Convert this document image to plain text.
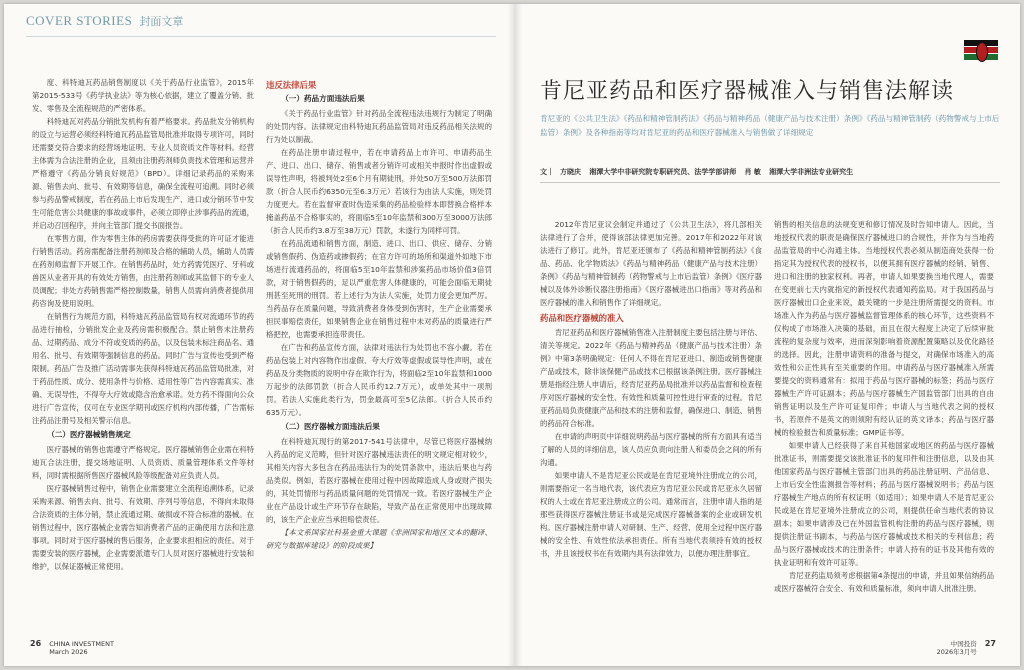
COVER STORIES 封面文章

度、科特迪瓦药品销售制度以《关于药品行业监管》，2015年第2015-533号《药学执业法》等为核心依据，建立了覆盖分销、批发、零售及全流程规范的严密体系。

科特迪瓦对药品分销批发机构有着严格要求。药品批发分销机构的设立与运营必须经科特迪瓦药品监管局批准并取得专项许可，同时还需要交符合要求的经营场地证明、专业人员资质文件等材料。经营主体需为合法注册的企业，且须由注册药剂师负责技术管理和运营并严格遵守《药品分销良好规范》（BPD）。详细记录药品的采购来源、销售去向、批号、有效期等信息，确保全流程可追溯。同时必须参与药品警戒制度，若在药品上市后发现生产、进口或分销环节中发生可能危害公共健康的事故或事件，必须立即停止涉事药品的流通，并启动召回程序，并向主管部门提交书面报告。

在零售方面，作为零售主体的药房需要获得受批的许可证才能进行销售活动。药房需配备注册药剂师及合格的辅助人员，辅助人员需在药剂师监督下开展工作。在销售药品时，处方药需凭医疗、牙科或兽医从业者开具的有效处方销售，由注册药剂师或其监督下的专业人员调配；非处方药销售需严格控制数量，销售人员需向消费者提供用药咨询及使用说明。

在销售行为规范方面，科特迪瓦药品监管局有权对流通环节的药品进行抽检，分销批发企业及药房需积极配合。禁止销售未注册药品、过期药品、成分不符或变质的药品，以及包装未标注商品名、通用名、批号、有效期等强制信息的药品。同时广告与宣传也受到严格限制。药品广告及推广活动需事先获得科特迪瓦药品监管局批准，对于药品性质、成分、使用条件与价格、适用性等广告内容需真实、准确、无误导性，不得夸大疗效或隐含治愈承诺。处方药不得面向公众进行广告宣传，仅可在专业医学期刊或医疗机构内部传播，广告需标注药品注册号及相关警示信息。

（二）医疗器械销售规定

医疗器械的销售也需遵守严格规定。医疗器械销售企业需在科特迪瓦合法注册，提交场地证明、人员资质、质量管理体系文件等材料，同时需根据所售医疗器械风险等级配备对应负责人员。

医疗器械销售过程中，销售企业需要建立全流程追溯体系，记录采购来源、销售去向、批号、有效期、序列号等信息，不得向未取得合法资质的主体分销，禁止流通过期、破损或不符合标准的器械。在销售过程中，医疗器械企业需告知消费者产品的正确使用方法和注意事项。同时对于医疗器械的售后服务，企业要求担相应的责任。对于需要安装的医疗器械，企业需要派遣专门人员对医疗器械进行安装和维护，以保证器械正常使用。

违反法律后果
（一）药品方面违法后果

《关于药品行业监管》针对药品全流程违法违规行为制定了明确的处罚内容。法律规定由科特迪瓦药品监管局对违反药品相关法规的行为处以制裁。

在药品注册申请过程中，若在申请药品上市许可、申请药品生产、进口、出口、储存、销售或者分销许可或相关申报时作出虚假或误导性声明，将被判处2至6个月有期徒刑，并处50万至500万法郎罚款（折合人民币约6350元至6.3万元）若该行为由法人实施，则处罚力度更大。若在监督审查时伪造采集的药品检验样本即替换合格样本掩盖药品不合格事实的，将面临5至10年监禁和300万至3000万法郎（折合人民币约3.8万至38万元）罚款，未遂行为同样可罚。

在药品流通和销售方面，制造、进口、出口、供应、储存、分销或销售假药、伪造药或掺假药；在官方许可的场所和渠道外如地下市场进行流通药品的，将面临5至10年监禁和涉案药品市场价值3倍罚款，对于销售假药的，足以严重危害人体健康的，可能会面临无期徒刑甚至死刑的刑罚。若上述行为为法人实施，处罚力度会更加严厉。当药品存在质量问题，导致消费者身体受到伤害时，生产企业需要承担民事赔偿责任，如果销售企业在销售过程中未对药品的质量进行严格把控，也需要承担连带责任。

在广告和药品宣传方面，法律对违法行为处罚也不容小觑。若在药品包装上对内容物作出虚假、夸大疗效等虚假或误导性声明，或在药品及分类物质的说明中存在欺诈行为，将面临2至10年监禁和1000万起步的法郎罚款（折合人民币约12.7万元），或单处其中一项刑罚。若法人实施此类行为，罚金最高可至5亿法郎。（折合人民币约635万元）。

（二）医疗器械方面违法后果

在科特迪瓦现行的第2017-541号法律中，尽管已将医疗器械纳入药品的定义范畴，但针对医疗器械违法责任的明文规定相对较少，其相关内容大多包含在药品违法行为的处罚条款中，违法后果也与药品类似。例如，若医疗器械在使用过程中因故障造成人身或财产损失的，其处罚情形与药品质量问题的处罚情况一致。若医疗器械生产企业在产品设计或生产环节存在缺陷，导致产品在正常使用中出现故障的，该生产企业应当承担赔偿责任。

【本文系国家社科基金重大课题《非洲国家和地区文本的翻译、研究与数据库建设》的阶段成果】

肯尼亚药品和医疗器械准入与销售法解读
肯尼亚的《公共卫生法》《药品和精神管制药法》《药品与精神药品（健康产品与技术注册）条例》《药品与精神管制药（药物警戒与上市后监管）条例》及各种指南等均对肯尼亚的药品和医疗器械准入与销售做了详细规定
文｜ 方晓庆 湘潭大学中非研究院专职研究员、法学学部讲师 肖 敏 湘潭大学非洲法专业研究生

2012年肯尼亚议会制定并通过了《公共卫生法》，将几部相关法律进行了合并，使得该部法律更加完善。2017年和2022年对该法进行了修订。此外，肯尼亚还颁布了《药品和精神管制药法》《食品、药品、化学物质法》《药品与精神药品（健康产品与技术注册）条例》《药品与精神管制药（药物警戒与上市后监管）条例》《医疗器械以及体外诊断仪器注册指南》《医疗器械进出口指南》等对药品和医疗器械的准入和销售作了详细规定。

药品和医疗器械的准入

肯尼亚药品和医疗器械销售准入注册制度主要包括注册与评估、清关等规定。2022年《药品与精神药品（健康产品与技术注册）条例》中第3条明确规定：任何人不得在肯尼亚进口、制造或销售健康产品或技术，除非该保健产品或技术已根据该条例注册。医疗器械注册是指经注册人申请后，经肯尼亚药品局批准并以药品监督和检查程序对医疗器械的安全性、有效性和质量可控性进行审查的过程。肯尼亚药品局负责健康产品和技术的注册和监督，确保进口、制造、销售的药品符合标准。

在申请的声明页中详细说明药品与医疗器械的所有方面具有适当了解的人员的详细信息，该人员应负责向注册人和委员会之间的所有沟通。

如果申请人不是肯尼亚公民或是在肯尼亚境外注册成立的公司，则需要指定一名当地代表，该代表应为肯尼亚公民或肯尼亚永久居留权的人士或在肯尼亚注册成立的公司。通常而言，注册申请人指的是那些获得医疗器械注册证书或是完成医疗器械备案的企业或研发机构。医疗器械注册申请人对研制、生产、经营、使用全过程中医疗器械的安全性、有效性依法承担责任。所有当地代表须持有效的授权书，并且该授权书在有效期内具有法律效力，以便办理注册事宜。

销售的相关信息的法规变更和修订情况及时告知申请人。因此，当地授权代表的职责是确保医疗器械进口的合规性，并作为与当地药品监管局的中心沟通主体。当地授权代表必须从制造商处获得一份指定其为授权代表的授权书，以便其拥有医疗器械的经销、销售、进口和注册的独家权利。再者，申请人如果要换当地代理人，需要在变更前七天内就指定的新授权代表通知药监局。对于我国药品与医疗器械出口企业来说，最关键的一步是注册所需提交的资料。市场准入作为药品与医疗器械监督管理体系的核心环节，这些资料不仅构成了市场准入决策的基础，而且在很大程度上决定了后续审批流程的复杂度与效率，进而深刻影响着资源配置策略以及优化路径的选择。因此，注册申请资料的准备与提交，对确保市场准入的高效性和公正性具有至关重要的作用。申请药品与医疗器械准入所需要提交的资料通常有：拟用于药品与医疗器械的标签；药品与医疗器械生产许可证副本；药品与医疗器械生产国监管部门出具的自由销售证明以及生产许可证复印件；申请人与当地代表之间的授权书，若原件不是英文的则须附有经认证的英文译本；药品与医疗器械的检验报告和质量标准；GMP证书等。

如果申请人已经获得了来自其他国家或地区的药品与医疗器械批准证书，则需要提交该批准证书的复印件和注册信息，以及由其他国家药品与医疗器械主管部门出具的药品注册证明、产品信息、上市后安全性监测报告等材料；药品与医疗器械说明书；药品与医疗器械生产地点的所有权证明（如适用）；如果申请人不是肯尼亚公民或是在肯尼亚境外注册成立的公司，则提供任命当地代表的协议副本；如果申请涉及已在外国监管机构注册的药品与医疗器械，则提供注册证书副本，与药品与医疗器械或技术相关的专利信息；药品与医疗器械或技术的注册条件；申请人持有的证书及其他有效的执业证明和有效许可证等。

肯尼亚药监局须考虑根据第4条提出的申请，并且如果信纳药品或医疗器械符合安全、有效和质量标准，须向申请人批准注册。

26 CHINA INVESTMENT
March 2026
中国投资
2026年3月号 27
